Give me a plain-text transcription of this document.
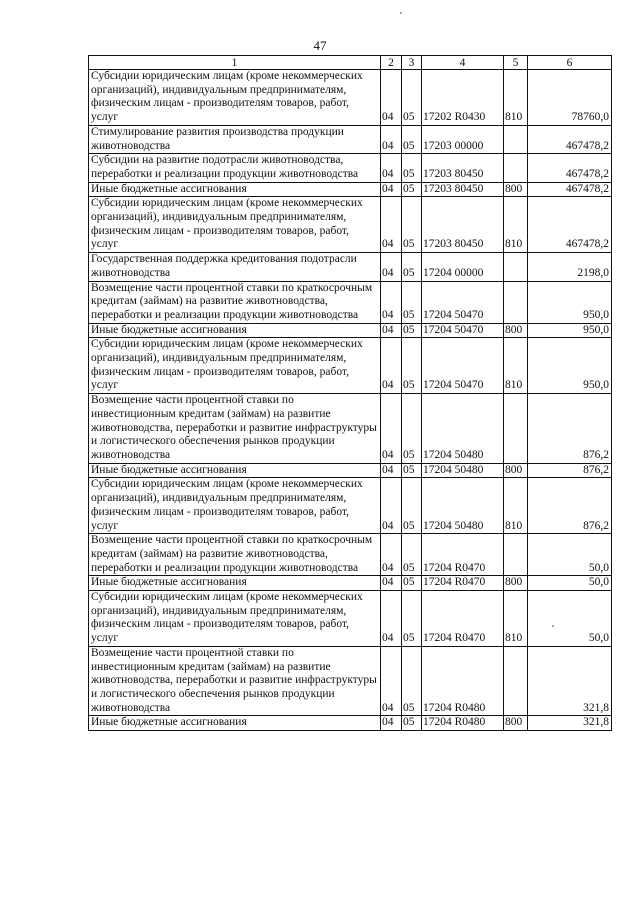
47
1	2	3	4	5	6
Субсидии юридическим лицам (кроме некоммерческих организаций), индивидуальным предпринимателям, физическим лицам - производителям товаров, работ, услуг	04	05	17202 R0430	810	78760,0
Стимулирование развития производства продукции животноводства	04	05	17203 00000		467478,2
Субсидии на развитие подотрасли животноводства, переработки и реализации продукции животноводства	04	05	17203 80450		467478,2
Иные бюджетные ассигнования	04	05	17203 80450	800	467478,2
Субсидии юридическим лицам (кроме некоммерческих организаций), индивидуальным предпринимателям, физическим лицам - производителям товаров, работ, услуг	04	05	17203 80450	810	467478,2
Государственная поддержка кредитования подотрасли животноводства	04	05	17204 00000		2198,0
Возмещение части процентной ставки по краткосрочным кредитам (займам) на развитие животноводства, переработки и реализации продукции животноводства	04	05	17204 50470		950,0
Иные бюджетные ассигнования	04	05	17204 50470	800	950,0
Субсидии юридическим лицам (кроме некоммерческих организаций), индивидуальным предпринимателям, физическим лицам - производителям товаров, работ, услуг	04	05	17204 50470	810	950,0
Возмещение части процентной ставки по инвестиционным кредитам (займам) на развитие животноводства, переработки и развитие инфраструктуры и логистического обеспечения рынков продукции животноводства	04	05	17204 50480		876,2
Иные бюджетные ассигнования	04	05	17204 50480	800	876,2
Субсидии юридическим лицам (кроме некоммерческих организаций), индивидуальным предпринимателям, физическим лицам - производителям товаров, работ, услуг	04	05	17204 50480	810	876,2
Возмещение части процентной ставки по краткосрочным кредитам (займам) на развитие животноводства, переработки и реализации продукции животноводства	04	05	17204 R0470		50,0
Иные бюджетные ассигнования	04	05	17204 R0470	800	50,0
Субсидии юридическим лицам (кроме некоммерческих организаций), индивидуальным предпринимателям, физическим лицам - производителям товаров, работ, услуг	04	05	17204 R0470	810	50,0
Возмещение части процентной ставки по инвестиционным кредитам (займам) на развитие животноводства, переработки и развитие инфраструктуры и логистического обеспечения рынков продукции животноводства	04	05	17204 R0480		321,8
Иные бюджетные ассигнования	04	05	17204 R0480	800	321,8
